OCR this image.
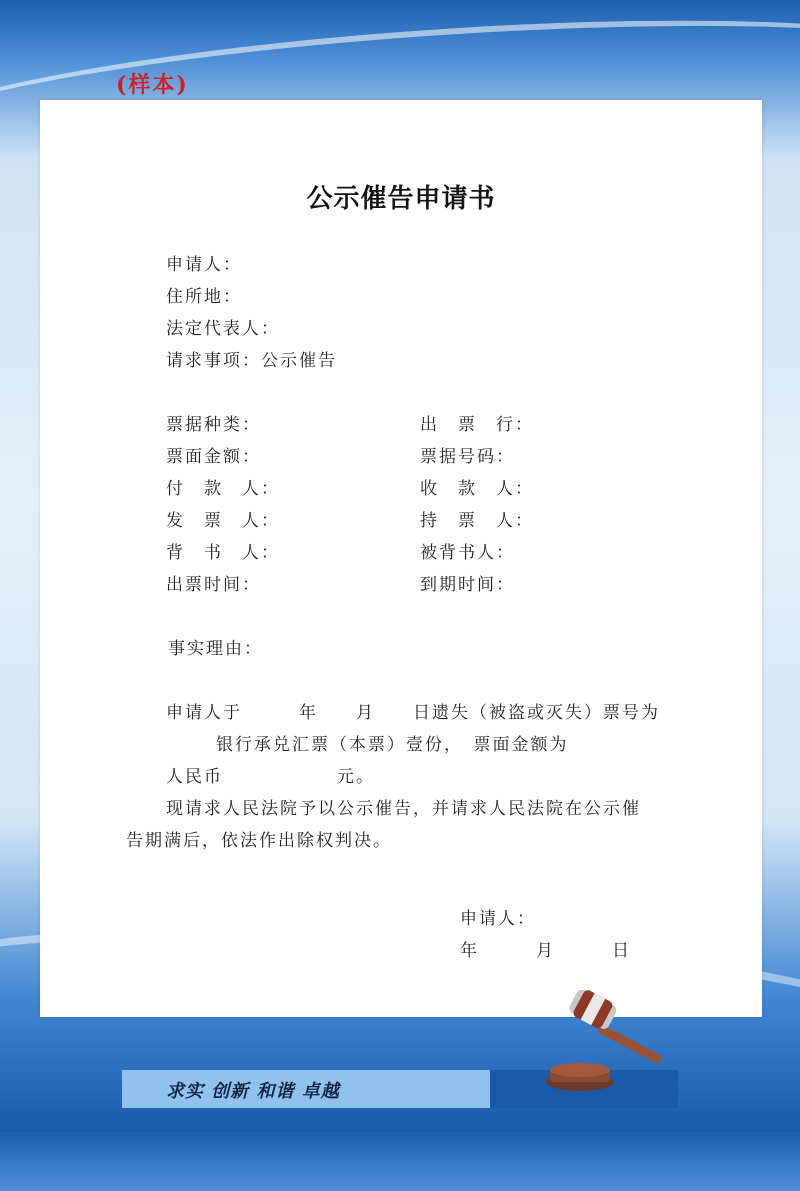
(样本)
公示催告申请书
申请人：
住所地：
法定代表人：
请求事项：公示催告
票据种类：
票面金额：
付　款　人：
发　票　人：
背　书　人：
出票时间：
出　票　行：
票据号码：
收　款　人：
持　票　人：
被背书人：
到期时间：
事实理由：
申请人于　　　年　　月　　日遗失（被盗或灭失）票号为
银行承兑汇票（本票）壹份，　票面金额为
人民币　　　　　　元。
现请求人民法院予以公示催告，并请求人民法院在公示催
告期满后，依法作出除权判决。
申请人：
年　　　月　　　日
求实 创新 和谐 卓越
